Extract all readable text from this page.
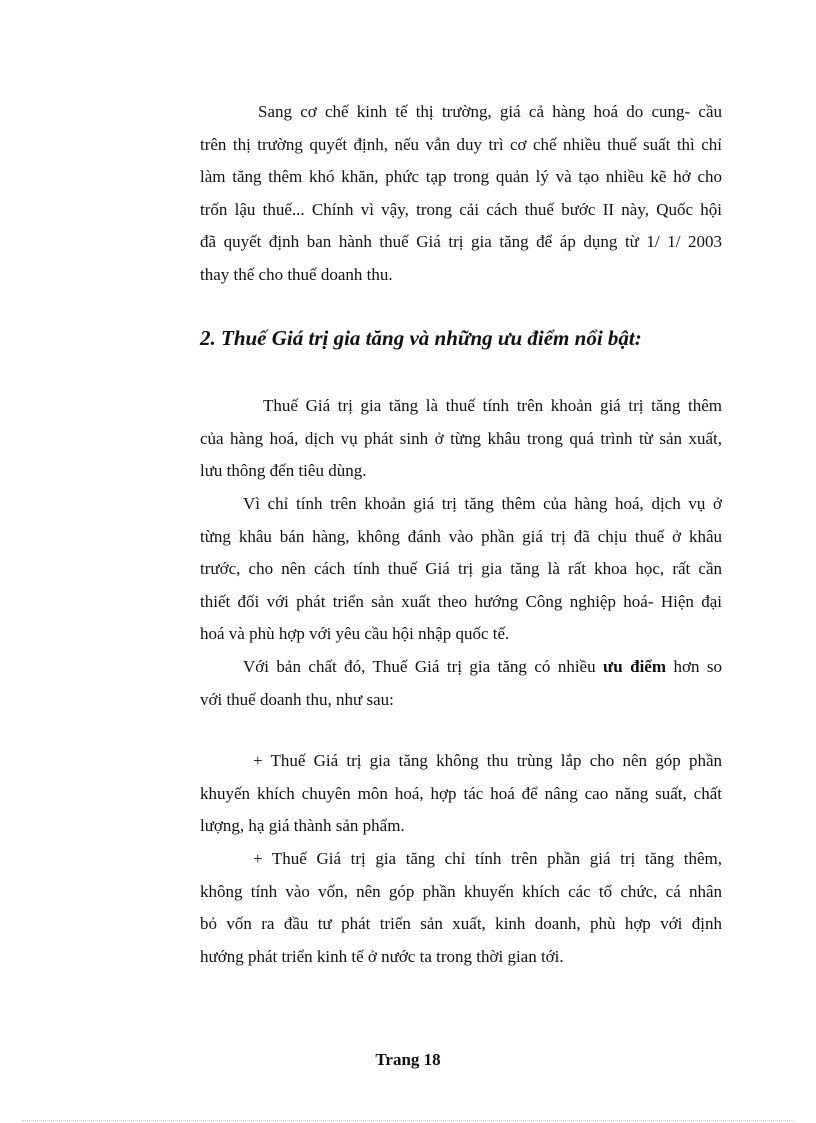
Sang cơ chế kinh tế thị trường, giá cả hàng hoá do cung- cầu
trên thị trường quyết định, nếu vẫn duy trì cơ chế nhiều thuế suất thì chỉ
làm tăng thêm khó khăn, phức tạp trong quản lý và tạo nhiều kẽ hở cho
trốn lậu thuế... Chính vì vậy, trong cải cách thuế bước II này, Quốc hội
đã quyết định ban hành thuế Giá trị gia tăng để áp dụng từ 1/ 1/ 2003
thay thế cho thuế doanh thu.
2. Thuế Giá trị gia tăng và những ưu điểm nổi bật:
Thuế Giá trị gia tăng là thuế tính trên khoản giá trị tăng thêm
của hàng hoá, dịch vụ phát sinh ở từng khâu trong quá trình từ sản xuất,
lưu thông đến tiêu dùng.
Vì chỉ tính trên khoản giá trị tăng thêm của hàng hoá, dịch vụ ở
từng khâu bán hàng, không đánh vào phần giá trị đã chịu thuế ở khâu
trước, cho nên cách tính thuế Giá trị gia tăng là rất khoa học, rất cần
thiết đối với phát triển sản xuất theo hướng Công nghiệp hoá- Hiện đại
hoá và phù hợp với yêu cầu hội nhập quốc tế.
Với bản chất đó, Thuế Giá trị gia tăng có nhiều ưu điểm hơn so
với thuế doanh thu, như sau:
+ Thuế Giá trị gia tăng không thu trùng lắp cho nên góp phần
khuyến khích chuyên môn hoá, hợp tác hoá để nâng cao năng suất, chất
lượng, hạ giá thành sản phẩm.
+ Thuế Giá trị gia tăng chỉ tính trên phần giá trị tăng thêm,
không tính vào vốn, nên góp phần khuyến khích các tổ chức, cá nhân
bỏ vốn ra đầu tư phát triển sản xuất, kinh doanh, phù hợp với định
hướng phát triển kinh tế ở nước ta trong thời gian tới.
Trang 18
